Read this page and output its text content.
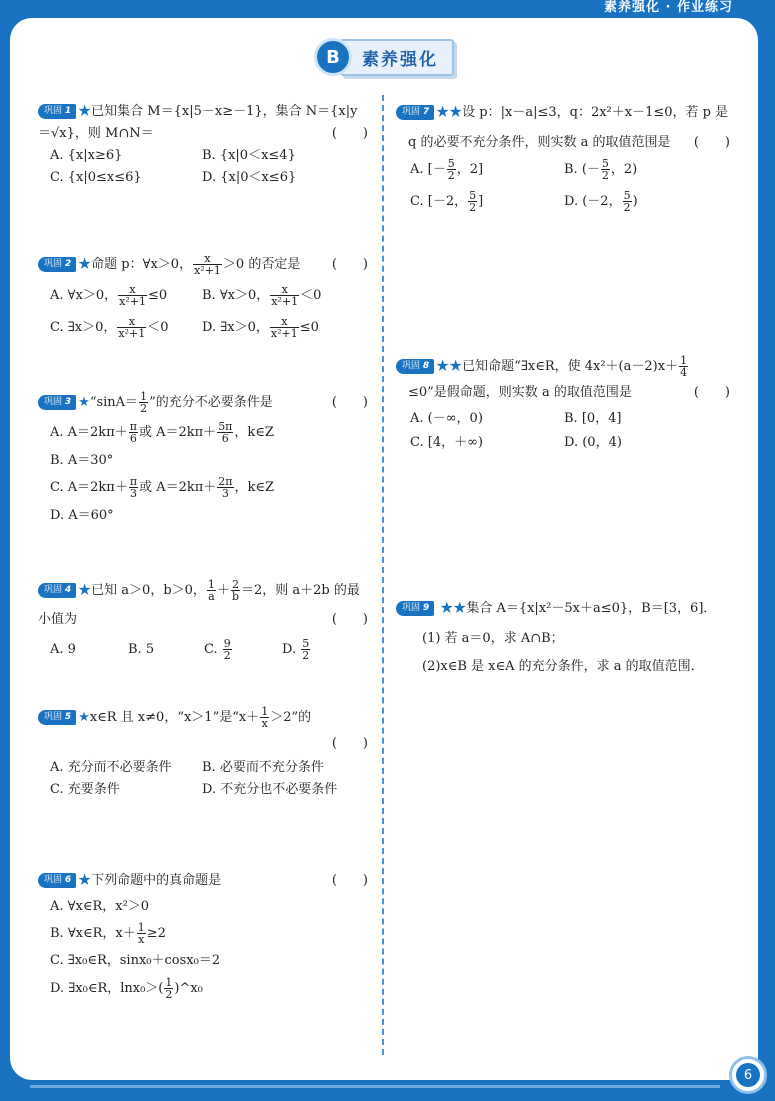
素养强化 · 作业练习
B	素养强化
巩固 1 ★已知集合 M＝{x|5－x≥－1}，集合 N＝{x|y
＝√x}，则 M∩N＝	(　　)
A. {x|x≥6}	B. {x|0＜x≤4}
C. {x|0≤x≤6}	D. {x|0＜x≤6}
巩固 2 ★命题 p：∀x＞0， $\frac{x}{\text{x²+1}} >0$ 的否定是 (　　)
A. ∀x＞0， $\frac{x}{\text{x²+1}} \le 0$	B. ∀x＞0， $\frac{x}{\text{x²+1}} <0$
C. ∃x＞0， $\frac{x}{\text{x²+1}} <0$	D. ∃x＞0， $\frac{x}{\text{x²+1}} \le 0$
巩固 3 ★“sinA＝ $\frac{1}{2}$ ”的充分不必要条件是	(　　)
A. $A=2k\pi+ \frac{\pi}{6}$ 或 $A=2k\pi+ \frac{5\pi}{6}$ ，k∈Z
B. A＝30°
C. $A=2k\pi+ \frac{\pi}{3}$ 或 $A=2k\pi+ \frac{2\pi}{3}$ ，k∈Z
D. A＝60°
巩固 4 ★已知 a＞0，b＞0， $\frac{1}{a} + \frac{2}{b} =2$，则 a＋2b 的最
小值为	(　　)
A. 9	B. 5	C. $\frac{9}{2}$	D. $\frac{5}{2}$
巩固 5 ★x∈R 且 x≠0，“x＞1”是“$x+ \frac{1}{x} >2$”的
(　　)
A. 充分而不必要条件 B. 必要而不充分条件
C. 充要条件	D. 不充分也不必要条件
巩固 6 ★下列命题中的真命题是	(　　)
A. ∀x∈R，x²＞0
B. ∀x∈R，$x+ \frac{1}{x} \ge 2$
C. ∃x₀∈R，sinx₀＋cosx₀＝2
D. ∃x₀∈R，$\ln x_0>( \frac{1}{2}$ )^x₀
巩固 7 ★★设 p：|x－a|≤3，q：2x²＋x－1≤0，若 p 是
q 的必要不充分条件，则实数 a 的取值范围是 (　　)
A. [－ $\frac{5}{2}$ ，2]	B. (－ $\frac{5}{2}$ ，2)
C. [－2， $\frac{5}{2}$ ]	D. (－2， $\frac{5}{2}$ )
巩固 8 ★★已知命题“∃x∈R，使 $4x^2+(a-2)x+ \frac{1}{4}$
≤0”是假命题，则实数 a 的取值范围是	(　　)
A. (－∞，0)	B. [0，4]
C. [4，＋∞)	D. (0，4)
巩固 9 ★★集合 A＝{x|x²－5x＋a≤0}，B＝[3，6]．
(1) 若 a＝0，求 A∩B；
(2)x∈B 是 x∈A 的充分条件，求 a 的取值范围．
6
